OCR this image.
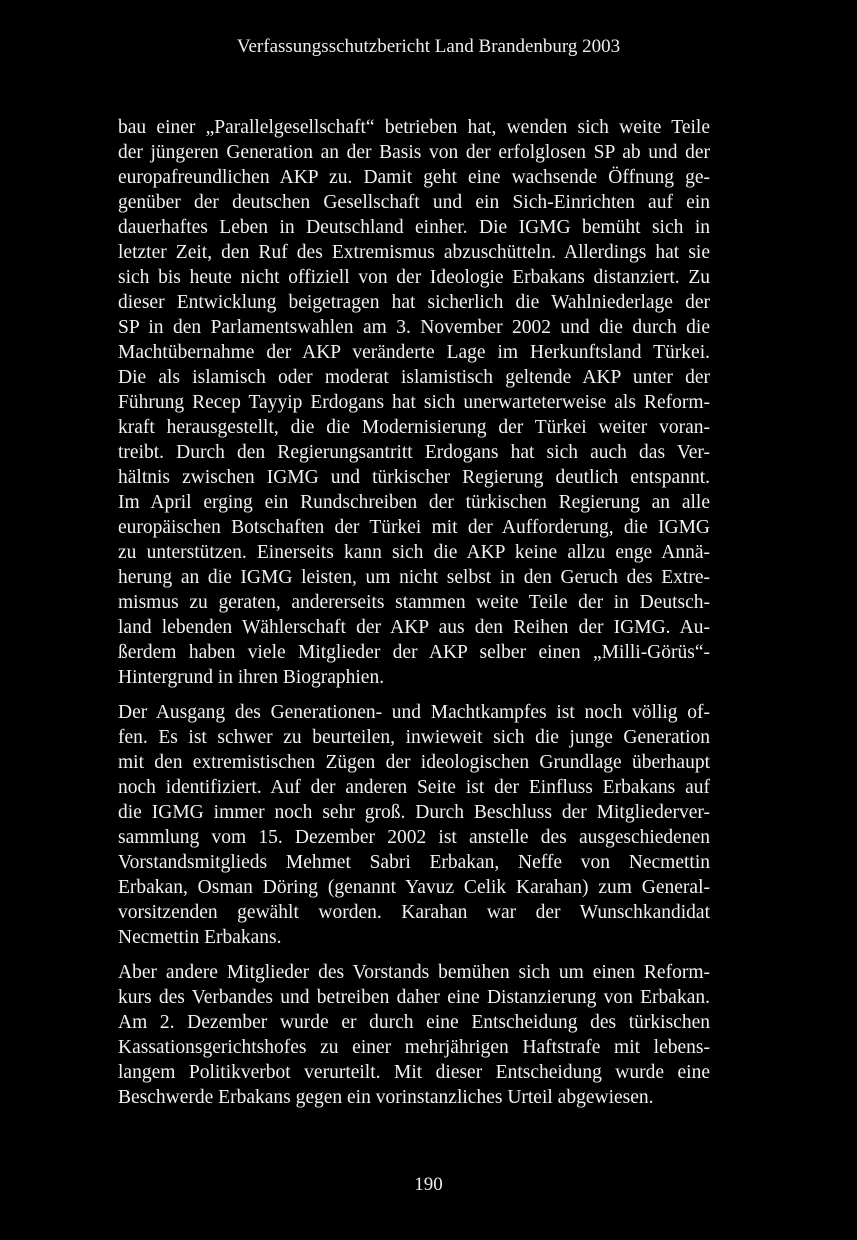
Verfassungsschutzbericht Land Brandenburg 2003
bau einer „Parallelgesellschaft“ betrieben hat, wenden sich weite Teile
der jüngeren Generation an der Basis von der erfolglosen SP ab und der
europafreundlichen AKP zu. Damit geht eine wachsende Öffnung ge-
genüber der deutschen Gesellschaft und ein Sich-Einrichten auf ein
dauerhaftes Leben in Deutschland einher. Die IGMG bemüht sich in
letzter Zeit, den Ruf des Extremismus abzuschütteln. Allerdings hat sie
sich bis heute nicht offiziell von der Ideologie Erbakans distanziert. Zu
dieser Entwicklung beigetragen hat sicherlich die Wahlniederlage der
SP in den Parlamentswahlen am 3. November 2002 und die durch die
Machtübernahme der AKP veränderte Lage im Herkunftsland Türkei.
Die als islamisch oder moderat islamistisch geltende AKP unter der
Führung Recep Tayyip Erdogans hat sich unerwarteterweise als Reform-
kraft herausgestellt, die die Modernisierung der Türkei weiter voran-
treibt. Durch den Regierungsantritt Erdogans hat sich auch das Ver-
hältnis zwischen IGMG und türkischer Regierung deutlich entspannt.
Im April erging ein Rundschreiben der türkischen Regierung an alle
europäischen Botschaften der Türkei mit der Aufforderung, die IGMG
zu unterstützen. Einerseits kann sich die AKP keine allzu enge Annä-
herung an die IGMG leisten, um nicht selbst in den Geruch des Extre-
mismus zu geraten, andererseits stammen weite Teile der in Deutsch-
land lebenden Wählerschaft der AKP aus den Reihen der IGMG. Au-
ßerdem haben viele Mitglieder der AKP selber einen „Milli-Görüs“-
Hintergrund in ihren Biographien.
Der Ausgang des Generationen- und Machtkampfes ist noch völlig of-
fen. Es ist schwer zu beurteilen, inwieweit sich die junge Generation
mit den extremistischen Zügen der ideologischen Grundlage überhaupt
noch identifiziert. Auf der anderen Seite ist der Einfluss Erbakans auf
die IGMG immer noch sehr groß. Durch Beschluss der Mitgliederver-
sammlung vom 15. Dezember 2002 ist anstelle des ausgeschiedenen
Vorstandsmitglieds Mehmet Sabri Erbakan, Neffe von Necmettin
Erbakan, Osman Döring (genannt Yavuz Celik Karahan) zum General-
vorsitzenden gewählt worden. Karahan war der Wunschkandidat
Necmettin Erbakans.
Aber andere Mitglieder des Vorstands bemühen sich um einen Reform-
kurs des Verbandes und betreiben daher eine Distanzierung von Erbakan.
Am 2. Dezember wurde er durch eine Entscheidung des türkischen
Kassationsgerichtshofes zu einer mehrjährigen Haftstrafe mit lebens-
langem Politikverbot verurteilt. Mit dieser Entscheidung wurde eine
Beschwerde Erbakans gegen ein vorinstanzliches Urteil abgewiesen.
190
